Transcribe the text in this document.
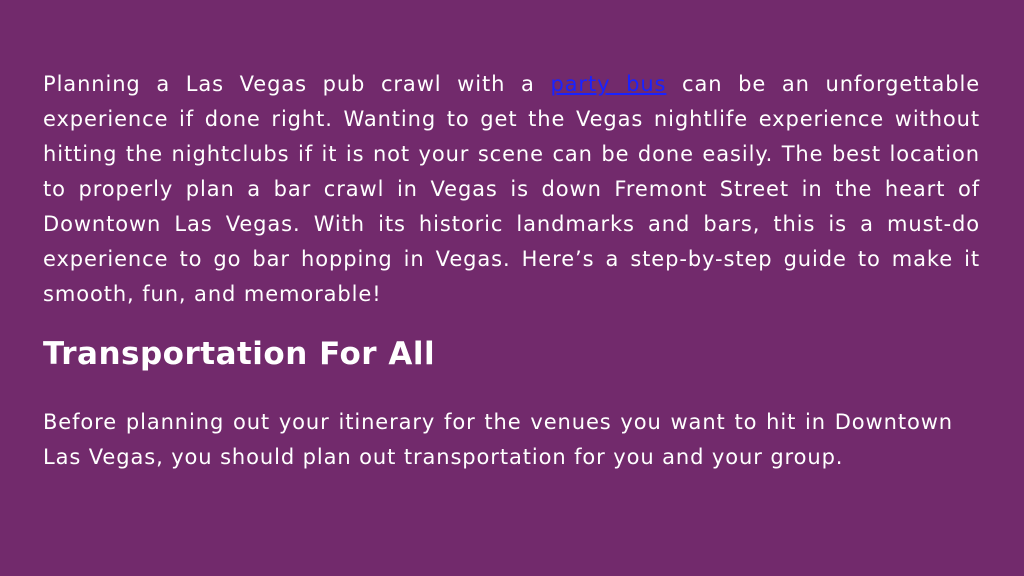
Planning a Las Vegas pub crawl with a party bus can be an unforgettable experience if done right. Wanting to get the Vegas nightlife experience without hitting the nightclubs if it is not your scene can be done easily. The best location to properly plan a bar crawl in Vegas is down Fremont Street in the heart of Downtown Las Vegas. With its historic landmarks and bars, this is a must-do experience to go bar hopping in Vegas. Here’s a step-by-step guide to make it smooth, fun, and memorable!

Transportation For All

Before planning out your itinerary for the venues you want to hit in Downtown Las Vegas, you should plan out transportation for you and your group.
